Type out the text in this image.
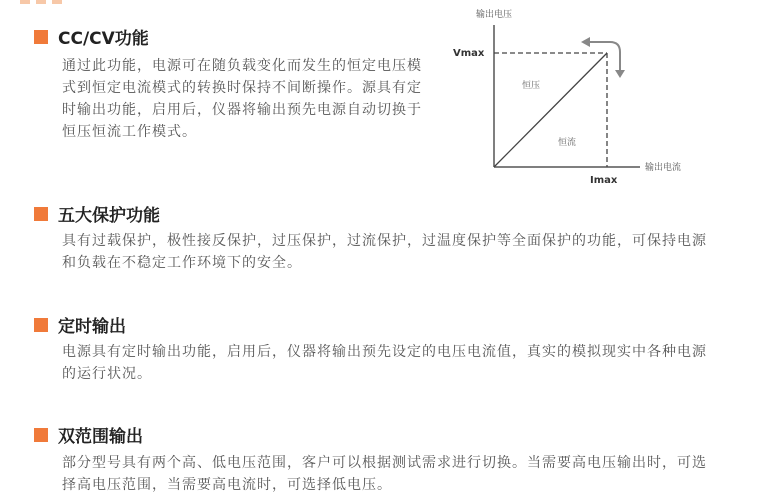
CC/CV功能
通过此功能，电源可在随负载变化而发生的恒定电压模式到恒定电流模式的转换时保持不间断操作。源具有定时输出功能，启用后，仪器将输出预先电源自动切换于恒压恒流工作模式。
输出电压
输出电流
Vmax
Imax
恒压
恒流
五大保护功能
具有过载保护，极性接反保护，过压保护，过流保护，过温度保护等全面保护的功能，可保持电源和负载在不稳定工作环境下的安全。
定时输出
电源具有定时输出功能，启用后，仪器将输出预先设定的电压电流值，真实的模拟现实中各种电源的运行状况。
双范围输出
部分型号具有两个高、低电压范围，客户可以根据测试需求进行切换。当需要高电压输出时，可选择高电压范围，当需要高电流时，可选择低电压。
